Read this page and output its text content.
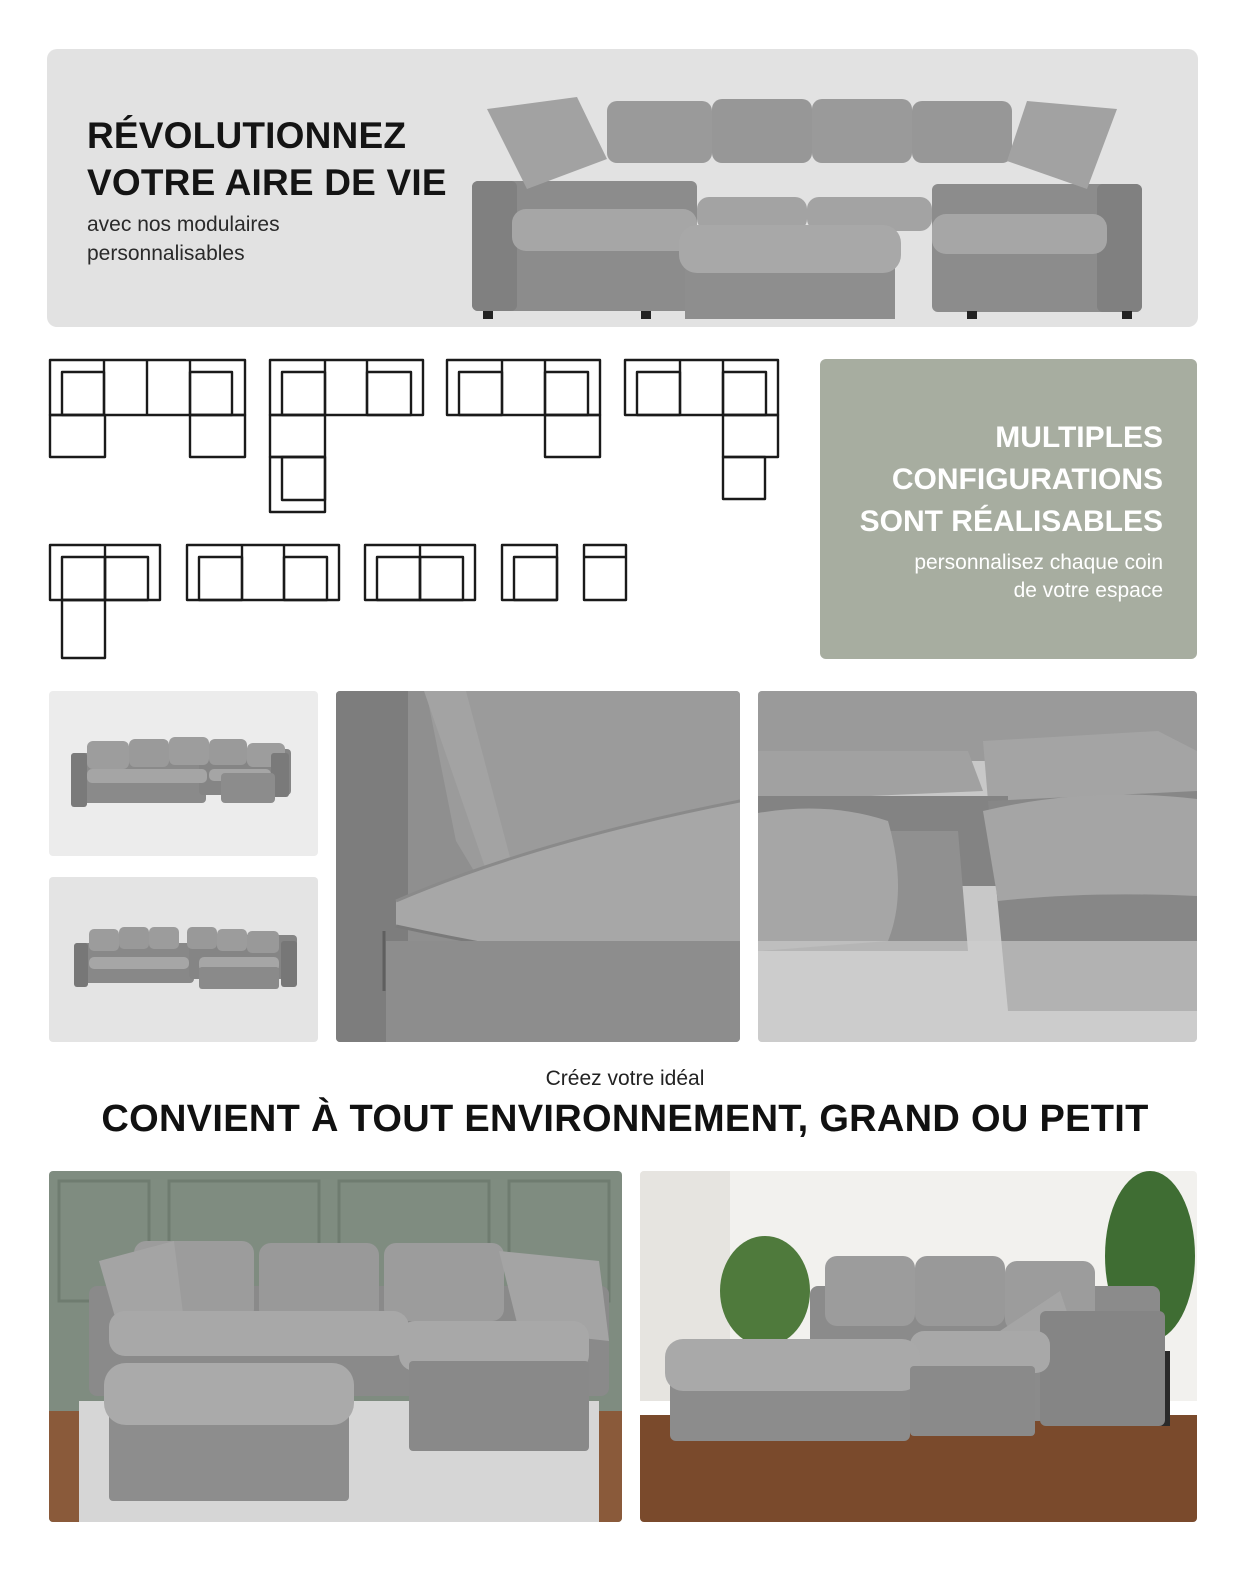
RÉVOLUTIONNEZ
VOTRE AIRE DE VIE
avec nos modulaires
personnalisables
MULTIPLES
CONFIGURATIONS
SONT RÉALISABLES
personnalisez chaque coin
de votre espace
Créez votre idéal
CONVIENT À TOUT ENVIRONNEMENT, GRAND OU PETIT
